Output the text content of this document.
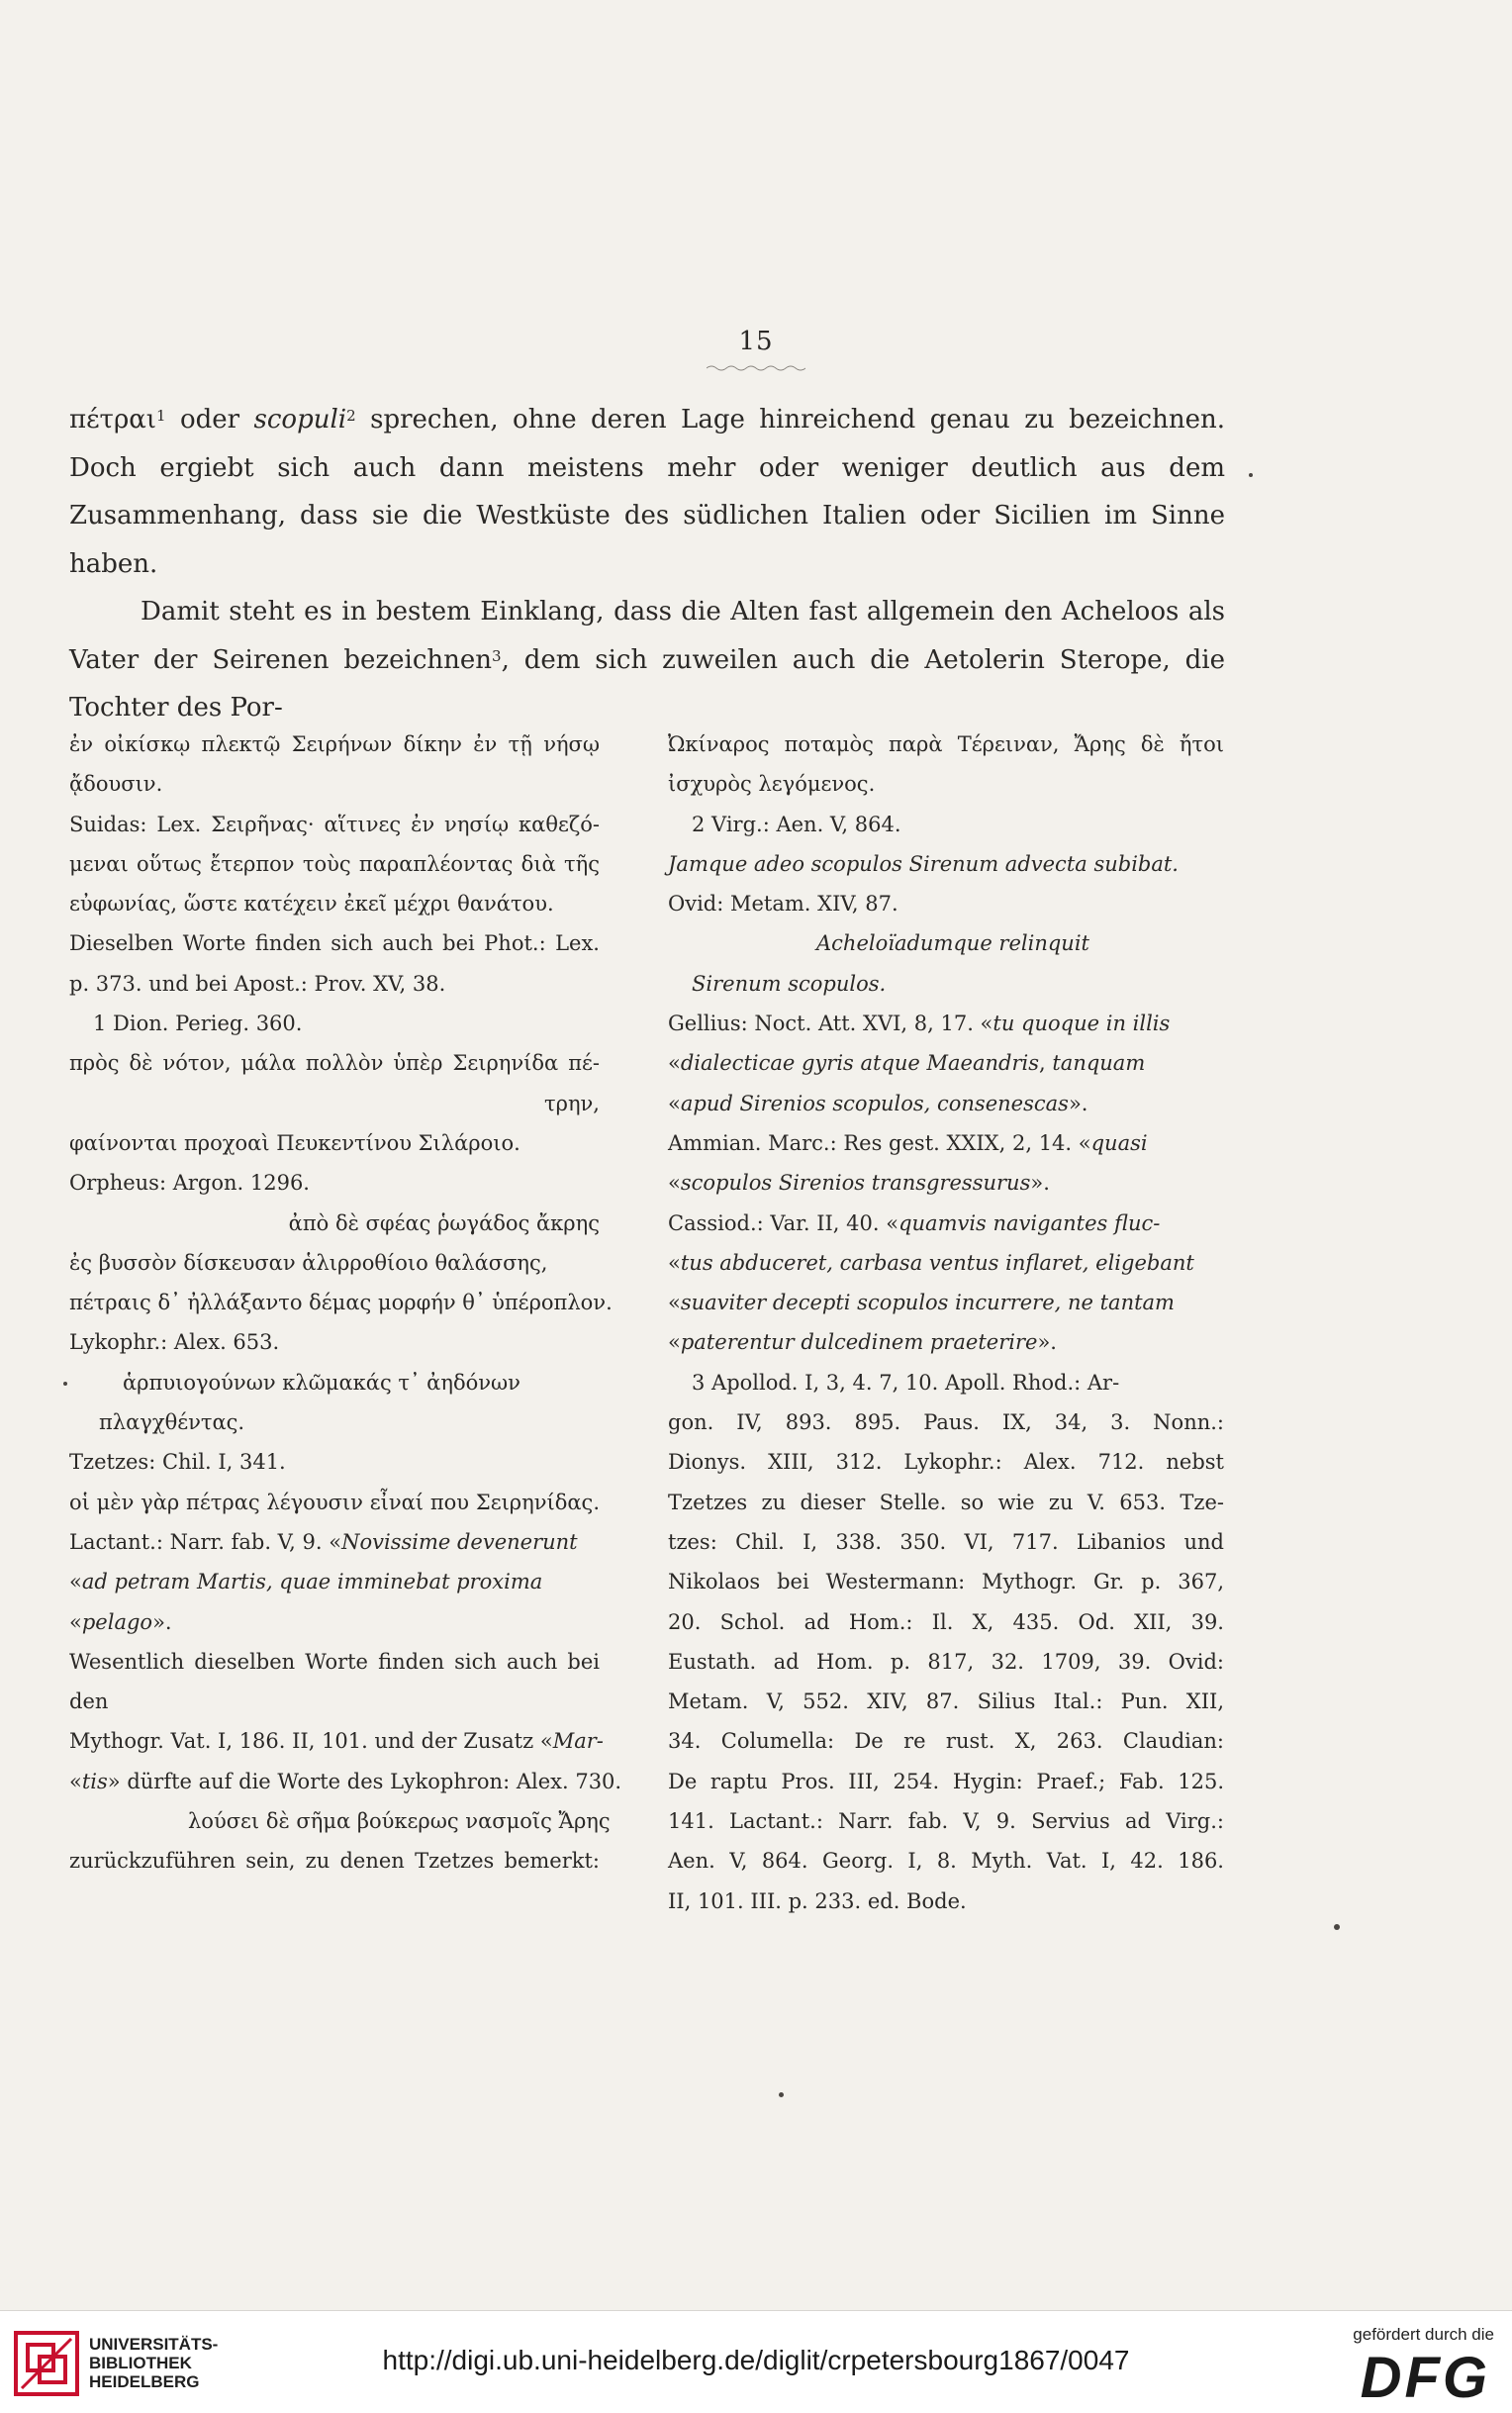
15

πέτραι$^1$ oder scopuli$^2$ sprechen, ohne deren Lage hinreichend genau zu bezeichnen. Doch ergiebt sich auch dann meistens mehr oder weniger deutlich aus dem Zusammenhang, dass sie die Westküste des südlichen Italien oder Sicilien im Sinne haben.

Damit steht es in bestem Einklang, dass die Alten fast allgemein den Acheloos als Vater der Seirenen bezeichnen$^3$, dem sich zuweilen auch die Aetolerin Sterope, die Tochter des Por-

ἐν οἰκίσκῳ πλεκτῷ Σειρήνων δίκην ἐν τῇ νήσῳ
ᾄδουσιν.
Suidas: Lex. Σειρῆνας· αἵτινες ἐν νησίῳ καθεζό-
μεναι οὕτως ἔτερπον τοὺς παραπλέοντας διὰ τῆς
εὐφωνίας, ὥστε κατέχειν ἐκεῖ μέχρι θανάτου.
Dieselben Worte finden sich auch bei Phot.: Lex.
p. 373. und bei Apost.: Prov. XV, 38.
1 Dion. Perieg. 360.
πρὸς δὲ νότον, μάλα πολλὸν ὑπὲρ Σειρηνίδα πέ-
τρην,
φαίνονται προχοαὶ Πευκεντίνου Σιλάροιο.
Orpheus: Argon. 1296.
ἀπὸ δὲ σφέας ῥωγάδος ἄκρης
ἐς βυσσὸν δίσκευσαν ἁλιρροθίοιο θαλάσσης,
πέτραις δ᾽ ἠλλάξαντο δέμας μορφήν θ᾽ ὑπέροπλον.
Lykophr.: Alex. 653.
ἁρπυιογούνων κλῶμακάς τ᾽ ἀηδόνων
πλαγχθέντας.
Tzetzes: Chil. I, 341.
οἱ μὲν γὰρ πέτρας λέγουσιν εἶναί που Σειρηνίδας.
Lactant.: Narr. fab. V, 9. «Novissime devenerunt
«ad petram Martis, quae imminebat proxima
«pelago».
Wesentlich dieselben Worte finden sich auch bei den
Mythogr. Vat. I, 186. II, 101. und der Zusatz «Mar-
«tis» dürfte auf die Worte des Lykophron: Alex. 730.
λούσει δὲ σῆμα βούκερως νασμοῖς Ἄρης
zurückzuführen sein, zu denen Tzetzes bemerkt:
Ὠκίναρος ποταμὸς παρὰ Τέρειναν, Ἄρης δὲ ἤτοι
ἰσχυρὸς λεγόμενος.
2 Virg.: Aen. V, 864.
Jamque adeo scopulos Sirenum advecta subibat.
Ovid: Metam. XIV, 87.
Acheloïadumque relinquit
Sirenum scopulos.
Gellius: Noct. Att. XVI, 8, 17. «tu quoque in illis
«dialecticae gyris atque Maeandris, tanquam
«apud Sirenios scopulos, consenescas».
Ammian. Marc.: Res gest. XXIX, 2, 14. «quasi
«scopulos Sirenios transgressurus».
Cassiod.: Var. II, 40. «quamvis navigantes fluc-
«tus abduceret, carbasa ventus inflaret, eligebant
«suaviter decepti scopulos incurrere, ne tantam
«paterentur dulcedinem praeterire».
3 Apollod. I, 3, 4. 7, 10. Apoll. Rhod.: Ar-
gon. IV, 893. 895. Paus. IX, 34, 3. Nonn.:
Dionys. XIII, 312. Lykophr.: Alex. 712. nebst
Tzetzes zu dieser Stelle. so wie zu V. 653. Tze-
tzes: Chil. I, 338. 350. VI, 717. Libanios und
Nikolaos bei Westermann: Mythogr. Gr. p. 367,
20. Schol. ad Hom.: Il. X, 435. Od. XII, 39.
Eustath. ad Hom. p. 817, 32. 1709, 39. Ovid:
Metam. V, 552. XIV, 87. Silius Ital.: Pun. XII,
34. Columella: De re rust. X, 263. Claudian:
De raptu Pros. III, 254. Hygin: Praef.; Fab. 125.
141. Lactant.: Narr. fab. V, 9. Servius ad Virg.:
Aen. V, 864. Georg. I, 8. Myth. Vat. I, 42. 186.
II, 101. III. p. 233. ed. Bode.
UNIVERSITÄTS-
BIBLIOTHEK
HEIDELBERG
http://digi.ub.uni-heidelberg.de/diglit/crpetersbourg1867/0047
gefördert durch die
DFG
